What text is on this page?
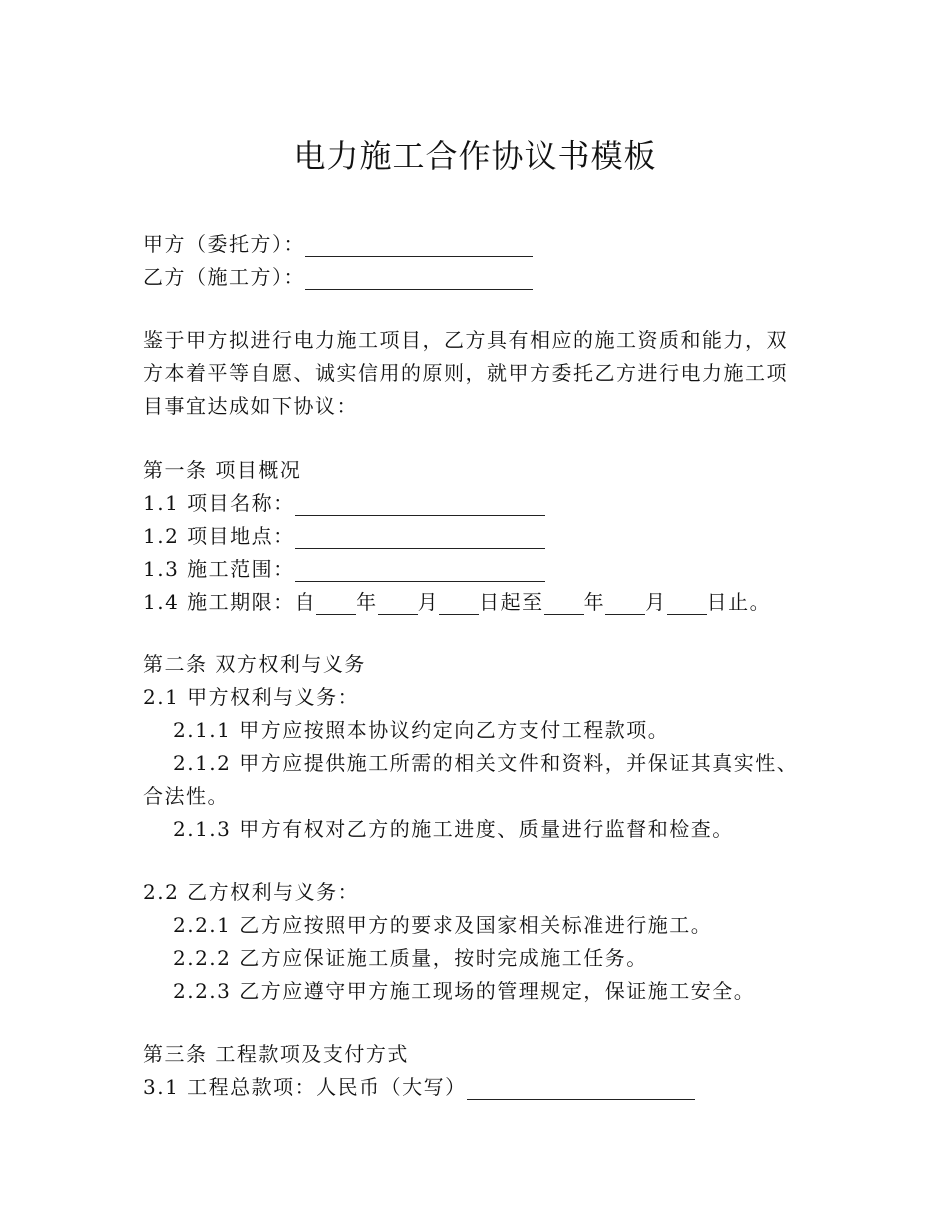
电力施工合作协议书模板
甲方（委托方）：
乙方（施工方）：
鉴于甲方拟进行电力施工项目，乙方具有相应的施工资质和能力，双
方本着平等自愿、诚实信用的原则，就甲方委托乙方进行电力施工项
目事宜达成如下协议：
第一条 项目概况
1.1 项目名称：
1.2 项目地点：
1.3 施工范围：
1.4 施工期限：自 年 月 日起至 年 月 日止。
第二条 双方权利与义务
2.1 甲方权利与义务：
2.1.1 甲方应按照本协议约定向乙方支付工程款项。
2.1.2 甲方应提供施工所需的相关文件和资料，并保证其真实性、
合法性。
2.1.3 甲方有权对乙方的施工进度、质量进行监督和检查。
2.2 乙方权利与义务：
2.2.1 乙方应按照甲方的要求及国家相关标准进行施工。
2.2.2 乙方应保证施工质量，按时完成施工任务。
2.2.3 乙方应遵守甲方施工现场的管理规定，保证施工安全。
第三条 工程款项及支付方式
3.1 工程总款项：人民币（大写）
